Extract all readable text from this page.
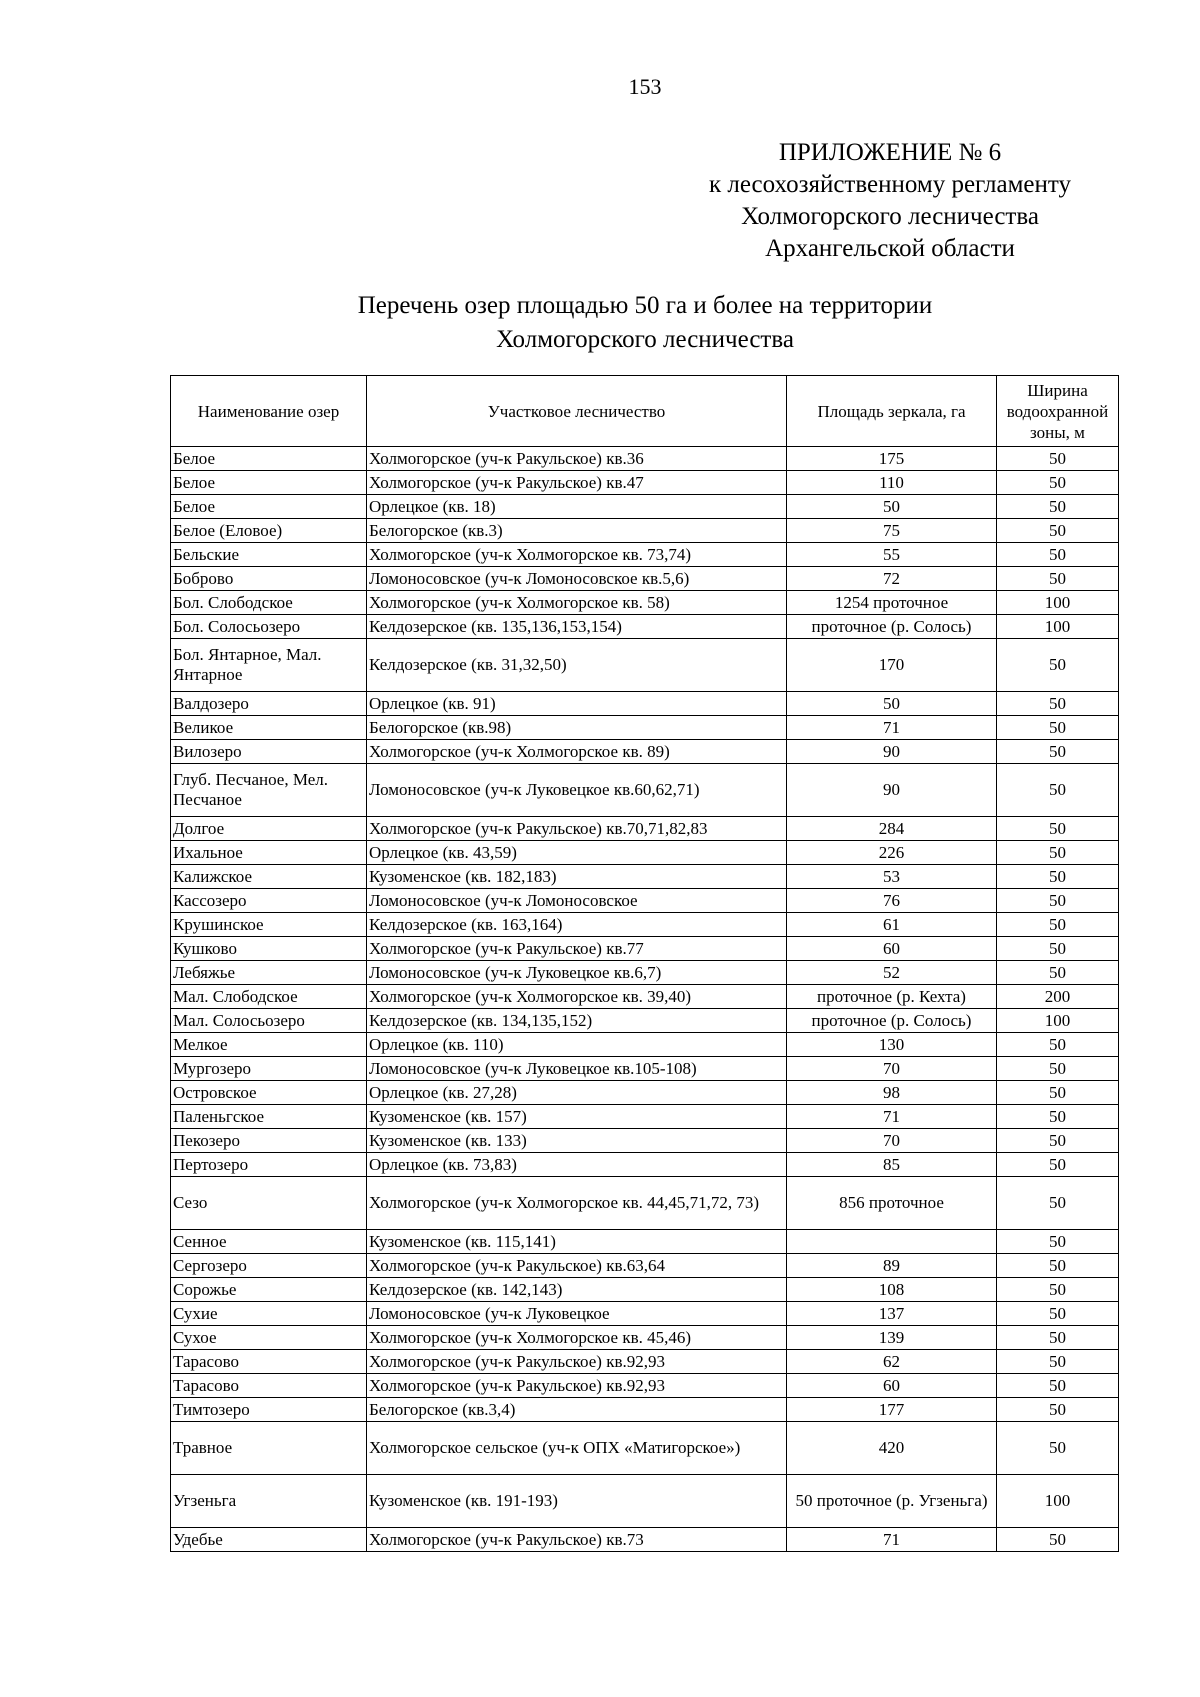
153
ПРИЛОЖЕНИЕ № 6
к лесохозяйственному регламенту
Холмогорского лесничества
Архангельской области
Перечень озер площадью 50 га и более на территории
Холмогорского лесничества
Наименование озер	Участковое лесничество	Площадь зеркала, га	Ширина
водоохранной
зоны, м

Белое	Холмогорское (уч-к Ракульское) кв.36	175	50
Белое	Холмогорское (уч-к Ракульское) кв.47	110	50
Белое	Орлецкое (кв. 18)	50	50
Белое (Еловое)	Белогорское (кв.3)	75	50
Бельские	Холмогорское (уч-к Холмогорское кв. 73,74)	55	50
Боброво	Ломоносовское (уч-к Ломоносовское кв.5,6)	72	50
Бол. Слободское	Холмогорское (уч-к Холмогорское кв. 58)	1254 проточное	100
Бол. Солосьозеро	Келдозерское (кв. 135,136,153,154)	проточное (р. Солось)	100
Бол. Янтарное, Мал. Янтарное	Келдозерское (кв. 31,32,50)	170	50
Валдозеро	Орлецкое (кв. 91)	50	50
Великое	Белогорское (кв.98)	71	50
Вилозеро	Холмогорское (уч-к Холмогорское кв. 89)	90	50
Глуб. Песчаное, Мел. Песчаное	Ломоносовское (уч-к Луковецкое кв.60,62,71)	90	50
Долгое	Холмогорское (уч-к Ракульское) кв.70,71,82,83	284	50
Ихальное	Орлецкое (кв. 43,59)	226	50
Калижское	Кузоменское (кв. 182,183)	53	50
Кассозеро	Ломоносовское (уч-к Ломоносовское	76	50
Крушинское	Келдозерское (кв. 163,164)	61	50
Кушково	Холмогорское (уч-к Ракульское) кв.77	60	50
Лебяжье	Ломоносовское (уч-к Луковецкое кв.6,7)	52	50
Мал. Слободское	Холмогорское (уч-к Холмогорское кв. 39,40)	проточное (р. Кехта)	200
Мал. Солосьозеро	Келдозерское (кв. 134,135,152)	проточное (р. Солось)	100
Мелкое	Орлецкое (кв. 110)	130	50
Мургозеро	Ломоносовское (уч-к Луковецкое кв.105-108)	70	50
Островское	Орлецкое (кв. 27,28)	98	50
Паленьгское	Кузоменское (кв. 157)	71	50
Пекозеро	Кузоменское (кв. 133)	70	50
Пертозеро	Орлецкое (кв. 73,83)	85	50
Сезо	Холмогорское (уч-к Холмогорское кв. 44,45,71,72, 73)	856 проточное	50
Сенное	Кузоменское (кв. 115,141)		50
Сергозеро	Холмогорское (уч-к Ракульское) кв.63,64	89	50
Сорожье	Келдозерское (кв. 142,143)	108	50
Сухие	Ломоносовское (уч-к Луковецкое	137	50
Сухое	Холмогорское (уч-к Холмогорское кв. 45,46)	139	50
Тарасово	Холмогорское (уч-к Ракульское) кв.92,93	62	50
Тарасово	Холмогорское (уч-к Ракульское) кв.92,93	60	50
Тимтозеро	Белогорское (кв.3,4)	177	50
Травное	Холмогорское сельское (уч-к ОПХ «Матигорское»)	420	50
Угзеньга	Кузоменское (кв. 191-193)	50 проточное (р. Угзеньга)	100
Удебье	Холмогорское (уч-к Ракульское) кв.73	71	50
